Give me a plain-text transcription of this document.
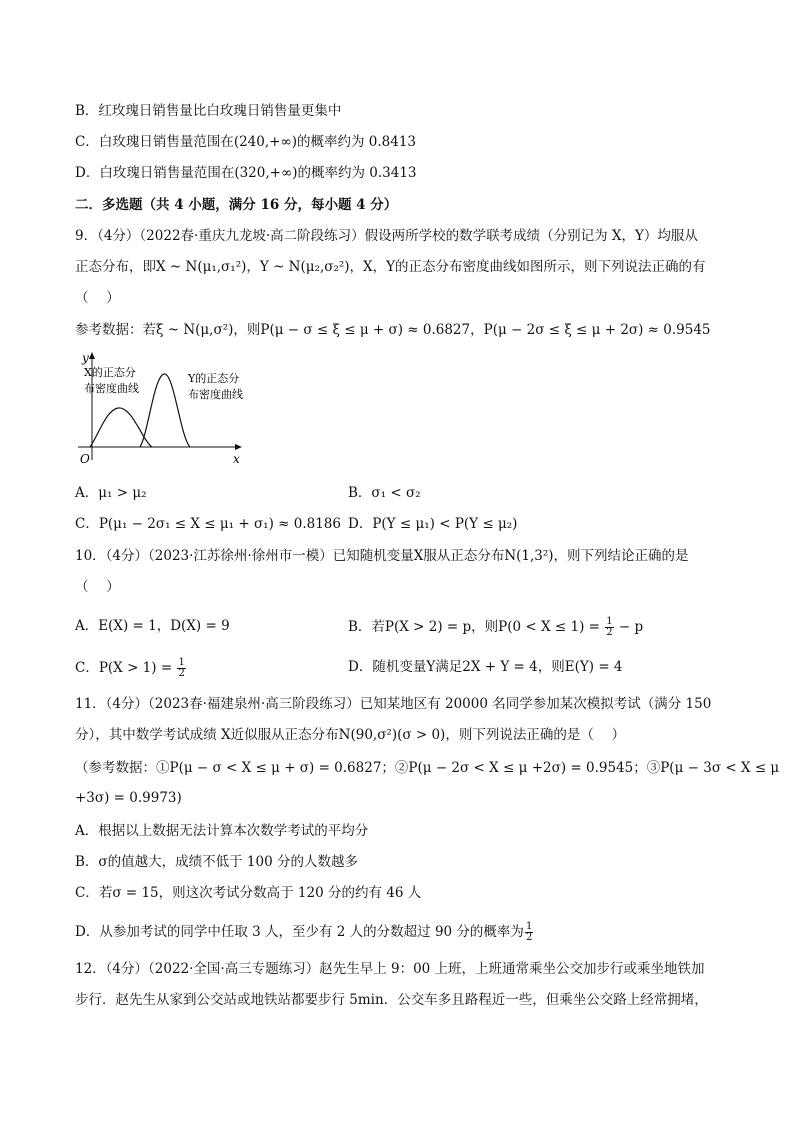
B．红玫瑰日销售量比白玫瑰日销售量更集中
C．白玫瑰日销售量范围在(240,+∞)的概率约为 0.8413
D．白玫瑰日销售量范围在(320,+∞)的概率约为 0.3413
二．多选题（共 4 小题，满分 16 分，每小题 4 分）
9．（4分）（2022春·重庆九龙坡·高二阶段练习）假设两所学校的数学联考成绩（分别记为 X，Y）均服从
正态分布，即X ~ N(μ₁,σ₁²)，Y ~ N(μ₂,σ₂²)，X，Y的正态分布密度曲线如图所示，则下列说法正确的有
（　 ）
参考数据：若ξ ~ N(μ,σ²)，则P(μ − σ ≤ ξ ≤ μ + σ) ≈ 0.6827，P(μ − 2σ ≤ ξ ≤ μ + 2σ) ≈ 0.9545
y
x
O
X的正态分
布密度曲线
Y的正态分
布密度曲线
A．μ₁ > μ₂	B．σ₁ < σ₂
C．P(μ₁ − 2σ₁ ≤ X ≤ μ₁ + σ₁) ≈ 0.8186 D．P(Y ≤ μ₁) < P(Y ≤ μ₂)
10．（4分）（2023·江苏徐州·徐州市一模）已知随机变量X服从正态分布N(1,3²)，则下列结论正确的是
（　 ）
A．E(X) = 1，D(X) = 9	B．若P(X > 2) = p，则$P(0 < X \le 1) = \frac{1}{2} - p$
C．$P(X > 1) = \frac{1}{2}$	D．随机变量Y满足2X + Y = 4，则E(Y) = 4
11．（4分）（2023春·福建泉州·高三阶段练习）已知某地区有 20000 名同学参加某次模拟考试（满分 150
分），其中数学考试成绩 X近似服从正态分布N(90,σ²)(σ > 0)，则下列说法正确的是（　 ）
（参考数据：①P(μ − σ < X ≤ μ + σ) = 0.6827；②P(μ − 2σ < X ≤ μ +2σ) = 0.9545；③P(μ − 3σ < X ≤ μ
+3σ) = 0.9973)
A．根据以上数据无法计算本次数学考试的平均分
B．σ的值越大，成绩不低于 100 分的人数越多
C．若σ = 15，则这次考试分数高于 120 分的约有 46 人
D．从参加考试的同学中任取 3 人，至少有 2 人的分数超过 90 分的概率为 $\frac{1}{2}$
12．（4分）（2022·全国·高三专题练习）赵先生早上 9：00 上班，上班通常乘坐公交加步行或乘坐地铁加
步行．赵先生从家到公交站或地铁站都要步行 5min．公交车多且路程近一些，但乘坐公交路上经常拥堵，
